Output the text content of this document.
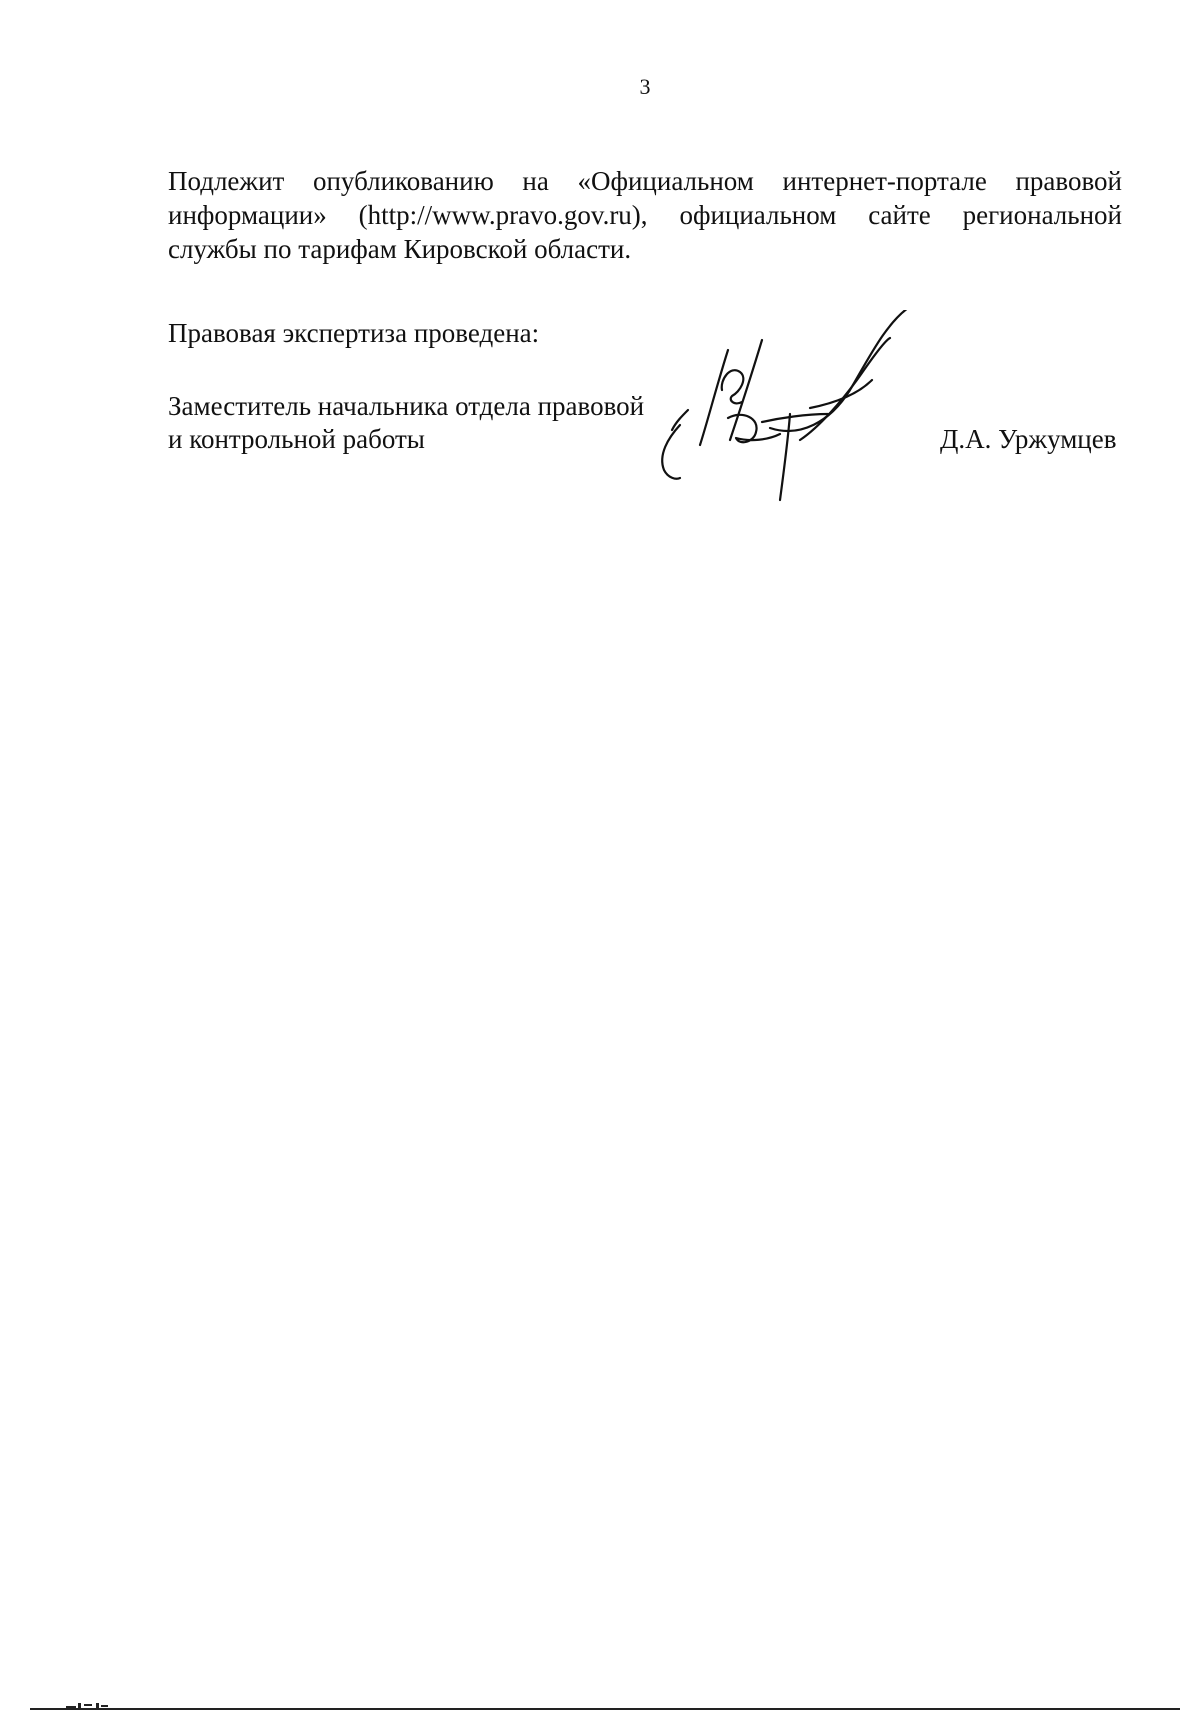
3
Подлежит опубликованию на «Официальном интернет-портале правовой
информации» (http://www.pravo.gov.ru), официальном сайте региональной
службы по тарифам Кировской области.
Правовая экспертиза проведена:
Заместитель начальника отдела правовой
и контрольной работы	Д.А. Уржумцев
